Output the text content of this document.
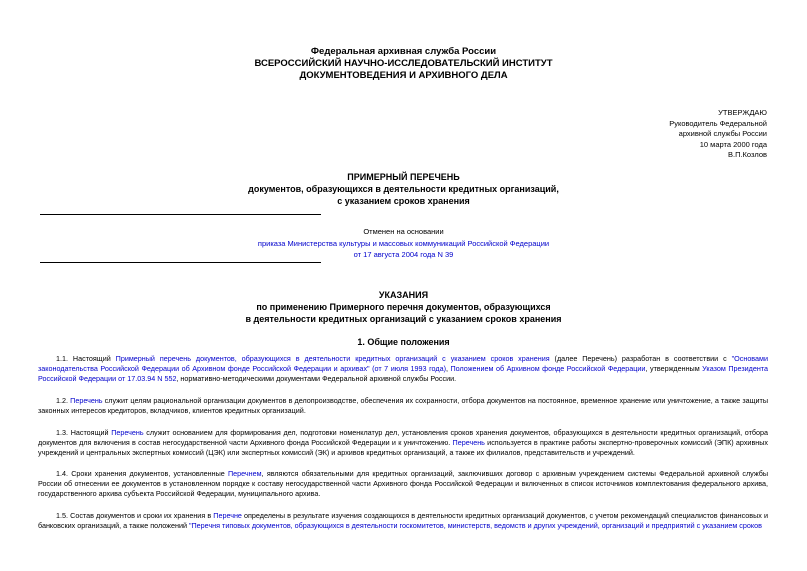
Федеральная архивная служба России
ВСЕРОССИЙСКИЙ НАУЧНО-ИССЛЕДОВАТЕЛЬСКИЙ ИНСТИТУТ
ДОКУМЕНТОВЕДЕНИЯ И АРХИВНОГО ДЕЛА
УТВЕРЖДАЮ
Руководитель Федеральной
архивной службы России
10 марта 2000 года
В.П.Козлов
ПРИМЕРНЫЙ ПЕРЕЧЕНЬ
документов, образующихся в деятельности кредитных организаций,
с указанием сроков хранения
Отменен на основании
приказа Министерства культуры и массовых коммуникаций Российской Федерации
от 17 августа 2004 года N 39
УКАЗАНИЯ
по применению Примерного перечня документов, образующихся
в деятельности кредитных организаций с указанием сроков хранения
1. Общие положения
1.1. Настоящий Примерный перечень документов, образующихся в деятельности кредитных организаций с указанием сроков хранения (далее Перечень) разработан в соответствии с "Основами законодательства Российской Федерации об Архивном фонде Российской Федерации и архивах" (от 7 июля 1993 года), Положением об Архивном фонде Российской Федерации, утвержденным Указом Президента Российской Федерации от 17.03.94 N 552, нормативно-методическими документами Федеральной архивной службы России.
1.2. Перечень служит целям рациональной организации документов в делопроизводстве, обеспечения их сохранности, отбора документов на постоянное, временное хранение или уничтожение, а также защиты законных интересов кредиторов, вкладчиков, клиентов кредитных организаций.
1.3. Настоящий Перечень служит основанием для формирования дел, подготовки номенклатур дел, установления сроков хранения документов, образующихся в деятельности кредитных организаций, отбора документов для включения в состав негосударственной части Архивного фонда Российской Федерации и к уничтожению. Перечень используется в практике работы экспертно-проверочных комиссий (ЭПК) архивных учреждений и центральных экспертных комиссий (ЦЭК) или экспертных комиссий (ЭК) и архивов кредитных организаций, а также их филиалов, представительств и учреждений.
1.4. Сроки хранения документов, установленные Перечнем, являются обязательными для кредитных организаций, заключивших договор с архивным учреждением системы Федеральной архивной службы России об отнесении ее документов в установленном порядке к составу негосударственной части Архивного фонда Российской Федерации и включенных в список источников комплектования федерального архива, государственного архива субъекта Российской Федерации, муниципального архива.
1.5. Состав документов и сроки их хранения в Перечне определены в результате изучения создающихся в деятельности кредитных организаций документов, с учетом рекомендаций специалистов финансовых и банковских организаций, а также положений "Перечня типовых документов, образующихся в деятельности госкомитетов, министерств, ведомств и других учреждений, организаций и предприятий с указанием сроков
